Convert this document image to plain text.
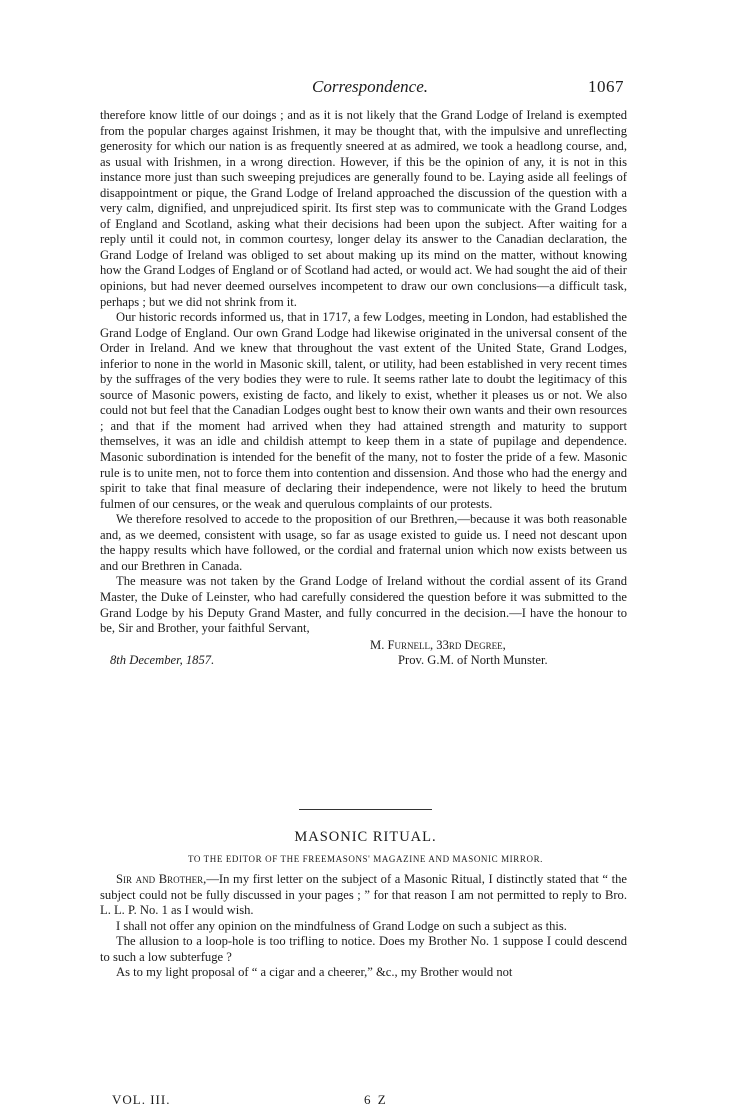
Correspondence.	1067

therefore know little of our doings ; and as it is not likely that the Grand Lodge of Ireland is exempted from the popular charges against Irishmen, it may be thought that, with the impulsive and unreflecting generosity for which our nation is as frequently sneered at as admired, we took a headlong course, and, as usual with Irishmen, in a wrong direction. However, if this be the opinion of any, it is not in this instance more just than such sweeping prejudices are generally found to be. Laying aside all feelings of disappointment or pique, the Grand Lodge of Ireland approached the discussion of the question with a very calm, dignified, and unprejudiced spirit. Its first step was to communicate with the Grand Lodges of England and Scotland, asking what their decisions had been upon the subject. After waiting for a reply until it could not, in common courtesy, longer delay its answer to the Canadian declaration, the Grand Lodge of Ireland was obliged to set about making up its mind on the matter, without knowing how the Grand Lodges of England or of Scotland had acted, or would act. We had sought the aid of their opinions, but had never deemed ourselves incompetent to draw our own conclusions—a difficult task, perhaps ; but we did not shrink from it.

Our historic records informed us, that in 1717, a few Lodges, meeting in London, had established the Grand Lodge of England. Our own Grand Lodge had likewise originated in the universal consent of the Order in Ireland. And we knew that throughout the vast extent of the United State, Grand Lodges, inferior to none in the world in Masonic skill, talent, or utility, had been established in very recent times by the suffrages of the very bodies they were to rule. It seems rather late to doubt the legitimacy of this source of Masonic powers, existing de facto, and likely to exist, whether it pleases us or not. We also could not but feel that the Canadian Lodges ought best to know their own wants and their own resources ; and that if the moment had arrived when they had attained strength and maturity to support themselves, it was an idle and childish attempt to keep them in a state of pupilage and dependence. Masonic subordination is intended for the benefit of the many, not to foster the pride of a few. Masonic rule is to unite men, not to force them into contention and dissension. And those who had the energy and spirit to take that final measure of declaring their independence, were not likely to heed the brutum fulmen of our censures, or the weak and querulous complaints of our protests.

We therefore resolved to accede to the proposition of our Brethren,—because it was both reasonable and, as we deemed, consistent with usage, so far as usage existed to guide us. I need not descant upon the happy results which have followed, or the cordial and fraternal union which now exists between us and our Brethren in Canada.

The measure was not taken by the Grand Lodge of Ireland without the cordial assent of its Grand Master, the Duke of Leinster, who had carefully considered the question before it was submitted to the Grand Lodge by his Deputy Grand Master, and fully concurred in the decision.—I have the honour to be, Sir and Brother, your faithful Servant,

M. Furnell, 33rd Degree,
Prov. G.M. of North Munster.
8th December, 1857.
MASONIC RITUAL.
TO THE EDITOR OF THE FREEMASONS' MAGAZINE AND MASONIC MIRROR.

Sir and Brother,—In my first letter on the subject of a Masonic Ritual, I distinctly stated that “ the subject could not be fully discussed in your pages ; ” for that reason I am not permitted to reply to Bro. L. L. P. No. 1 as I would wish.

I shall not offer any opinion on the mindfulness of Grand Lodge on such a subject as this.

The allusion to a loop-hole is too trifling to notice. Does my Brother No. 1 suppose I could descend to such a low subterfuge ?

As to my light proposal of “ a cigar and a cheerer,” &c., my Brother would not

VOL. III.	6 Z
